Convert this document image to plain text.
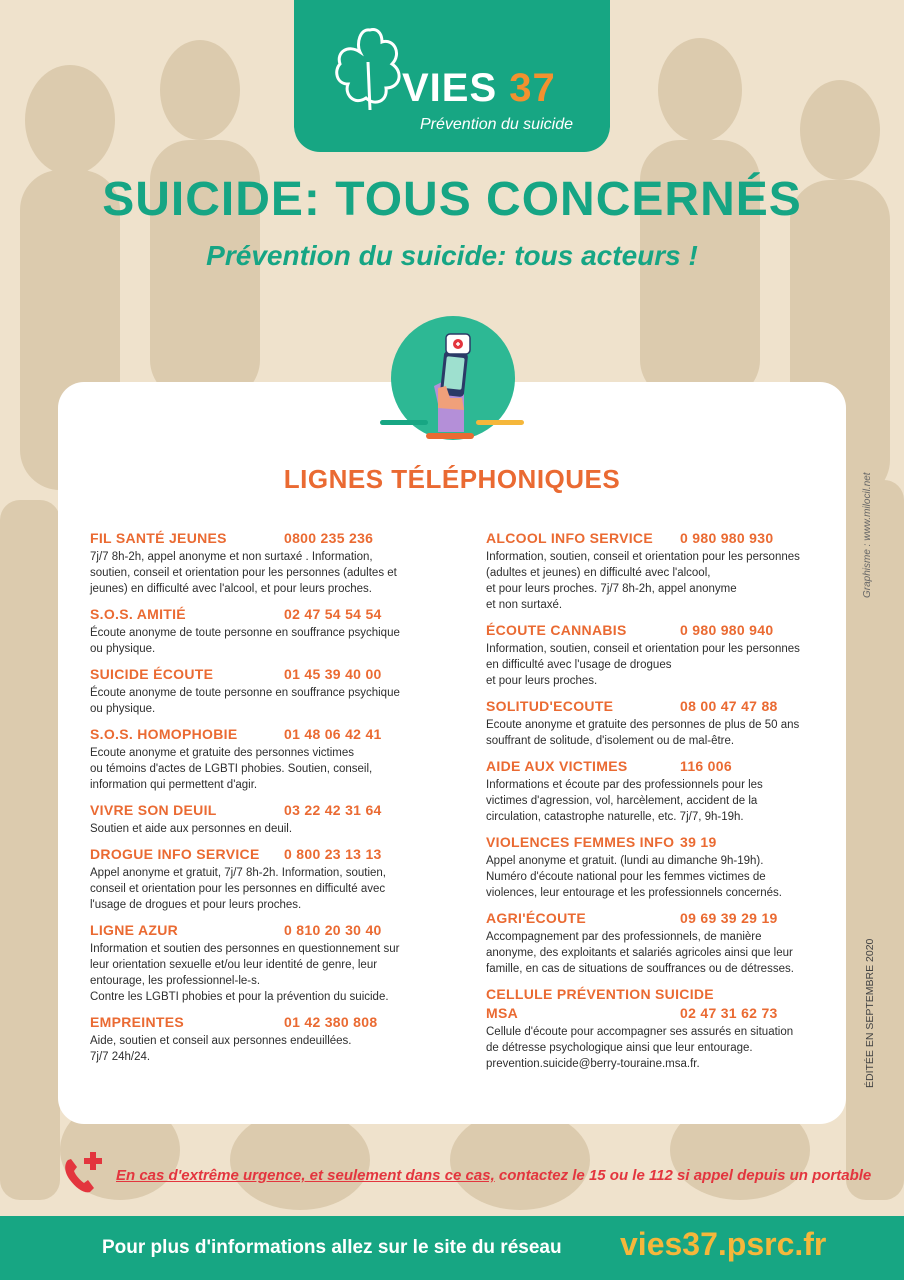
VIES 37
Prévention du suicide
SUICIDE: TOUS CONCERNÉS
Prévention du suicide: tous acteurs !
LIGNES TÉLÉPHONIQUES
FIL SANTÉ JEUNES	0800 235 236
7j/7 8h-2h, appel anonyme et non surtaxé . Information,
soutien, conseil et orientation pour les personnes (adultes et
jeunes) en difficulté avec l'alcool, et pour leurs proches.
S.O.S. AMITIÉ	02 47 54 54 54
Écoute anonyme de toute personne en souffrance psychique
ou physique.
SUICIDE ÉCOUTE	01 45 39 40 00
Écoute anonyme de toute personne en souffrance psychique
ou physique.
S.O.S. HOMOPHOBIE	01 48 06 42 41
Ecoute anonyme et gratuite des personnes victimes
ou témoins d'actes de LGBTI phobies. Soutien, conseil,
information qui permettent d'agir.
VIVRE SON DEUIL	03 22 42 31 64
Soutien et aide aux personnes en deuil.
DROGUE INFO SERVICE 0 800 23 13 13
Appel anonyme et gratuit, 7j/7 8h-2h. Information, soutien,
conseil et orientation pour les personnes en difficulté avec
l'usage de drogues et pour leurs proches.
LIGNE AZUR	0 810 20 30 40
Information et soutien des personnes en questionnement sur
leur orientation sexuelle et/ou leur identité de genre, leur
entourage, les professionnel-le-s.
Contre les LGBTI phobies et pour la prévention du suicide.
EMPREINTES	01 42 380 808
Aide, soutien et conseil aux personnes endeuillées.
7j/7 24h/24.
ALCOOL INFO SERVICE 0 980 980 930
Information, soutien, conseil et orientation pour les personnes
(adultes et jeunes) en difficulté avec l'alcool,
et pour leurs proches. 7j/7 8h-2h, appel anonyme
et non surtaxé.
ÉCOUTE CANNABIS	0 980 980 940
Information, soutien, conseil et orientation pour les personnes
en difficulté avec l'usage de drogues
et pour leurs proches.
SOLITUD'ECOUTE	08 00 47 47 88
Ecoute anonyme et gratuite des personnes de plus de 50 ans
souffrant de solitude, d'isolement ou de mal-être.
AIDE AUX VICTIMES	116 006
Informations et écoute par des professionnels pour les
victimes d'agression, vol, harcèlement, accident de la
circulation, catastrophe naturelle, etc. 7j/7, 9h-19h.
VIOLENCES FEMMES INFO 39 19
Appel anonyme et gratuit. (lundi au dimanche 9h-19h).
Numéro d'écoute national pour les femmes victimes de
violences, leur entourage et les professionnels concernés.
AGRI'ÉCOUTE	09 69 39 29 19
Accompagnement par des professionnels, de manière
anonyme, des exploitants et salariés agricoles ainsi que leur
famille, en cas de situations de souffrances ou de détresses.
CELLULE PRÉVENTION SUICIDE
MSA	02 47 31 62 73
Cellule d'écoute pour accompagner ses assurés en situation
de détresse psychologique ainsi que leur entourage.
prevention.suicide@berry-touraine.msa.fr.
Graphisme : www.milocil.net
ÉDITÉE EN SEPTEMBRE 2020
En cas d'extrême urgence, et seulement dans ce cas, contactez le 15 ou le 112 si appel depuis un portable
Pour plus d'informations allez sur le site du réseau vies37.psrc.fr
